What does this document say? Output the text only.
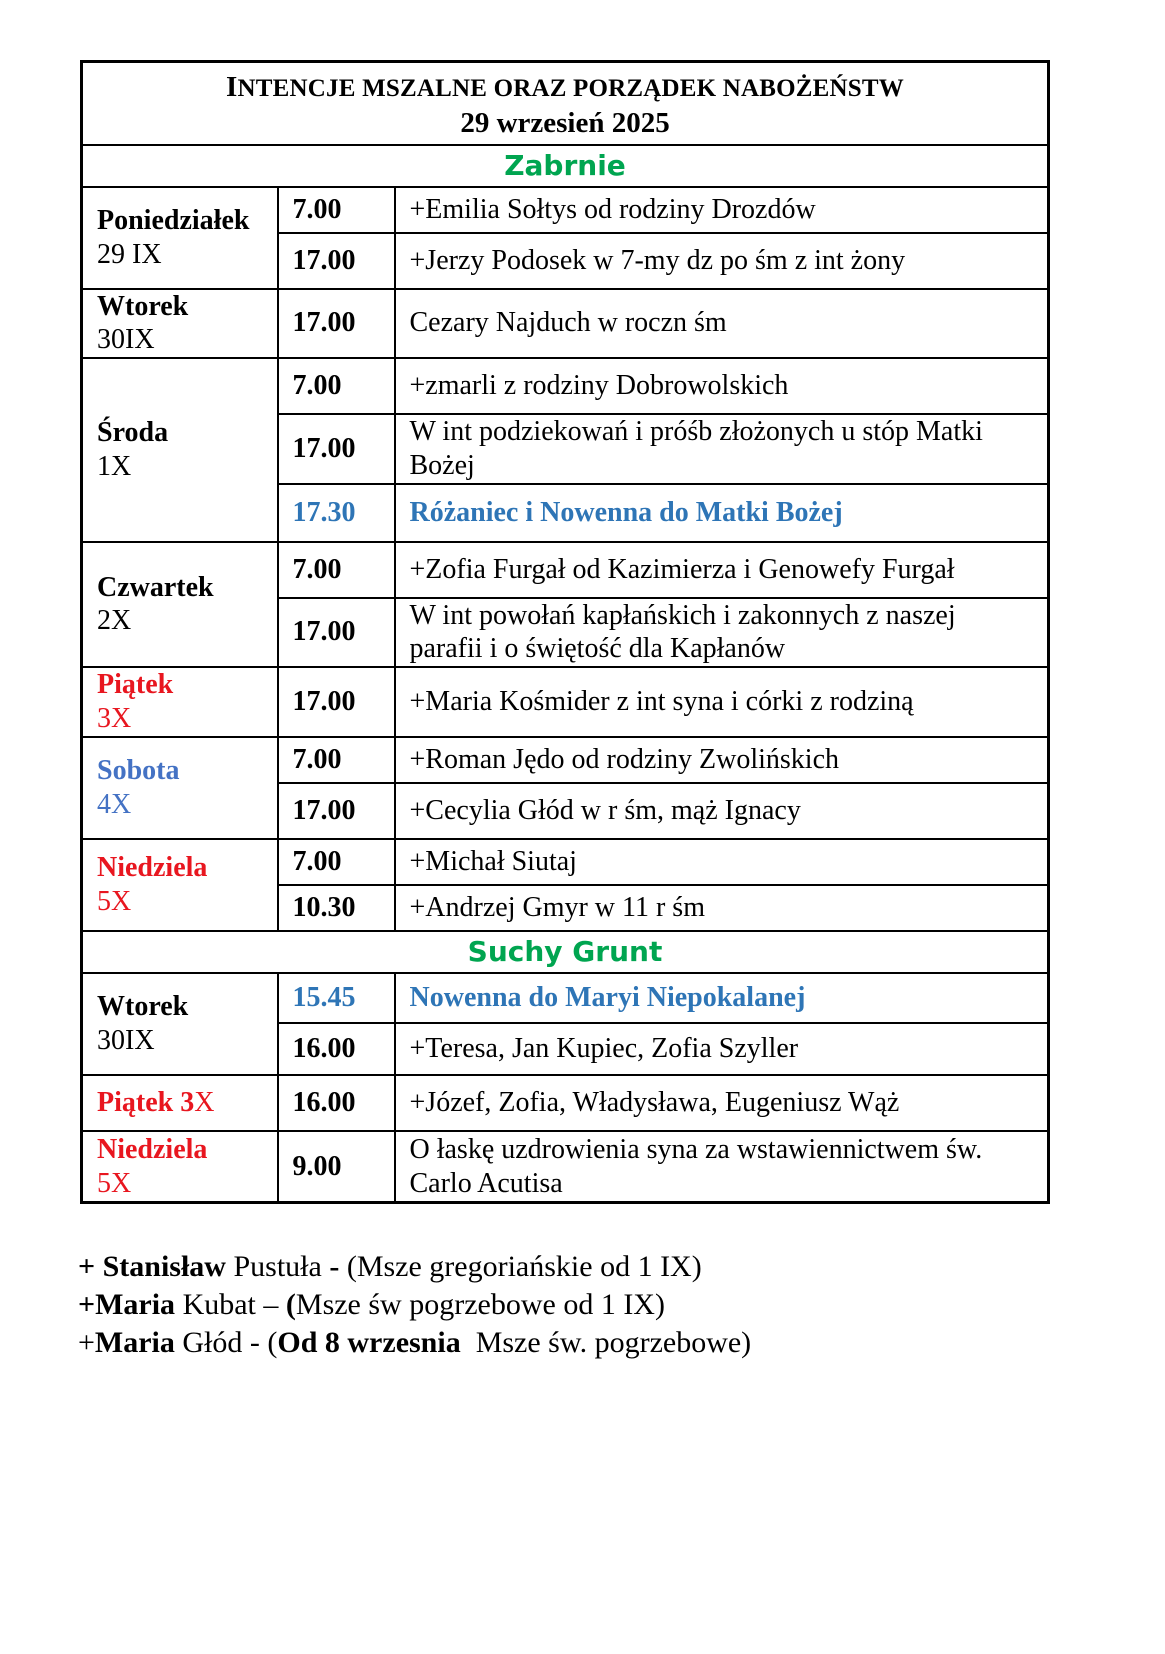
INTENCJE MSZALNE ORAZ PORZĄDEK NABOŻEŃSTW
29 wrzesień 2025		

Zabrnie		

Poniedziałek
29 IX	7.00	+Emilia Sołtys od rodziny Drozdów
	17.00	+Jerzy Podosek w 7-my dz po śm z int żony

Wtorek
30IX	17.00	Cezary Najduch w roczn śm

Środa
1X	7.00	+zmarli z rodziny Dobrowolskich
	17.00	W int podziekowań i próśb złożonych u stóp Matki Bożej
	17.30	Różaniec i Nowenna do Matki Bożej

Czwartek
2X	7.00	+Zofia Furgał od Kazimierza i Genowefy Furgał
	17.00	W int powołań kapłańskich i zakonnych z naszej parafii i o świętość dla Kapłanów

Piątek
3X	17.00	+Maria Kośmider z int syna i córki z rodziną

Sobota
4X	7.00	+Roman Jędo od rodziny Zwolińskich
	17.00	+Cecylia Głód w r śm, mąż Ignacy

Niedziela
5X	7.00	+Michał Siutaj
	10.30	+Andrzej Gmyr w 11 r śm
Suchy Grunt		

Wtorek
30IX	15.45	Nowenna do Maryi Niepokalanej
	16.00	+Teresa, Jan Kupiec, Zofia Szyller
Piątek 3X	16.00	+Józef, Zofia, Władysława, Eugeniusz Wąż

Niedziela
5X	9.00	O łaskę uzdrowienia syna za wstawiennictwem św. Carlo Acutisa
+ Stanisław Pustuła - (Msze gregoriańskie od 1 IX)
+Maria Kubat – (Msze św pogrzebowe od 1 IX)
+Maria Głód - (Od 8 wrzesnia  Msze św. pogrzebowe)
